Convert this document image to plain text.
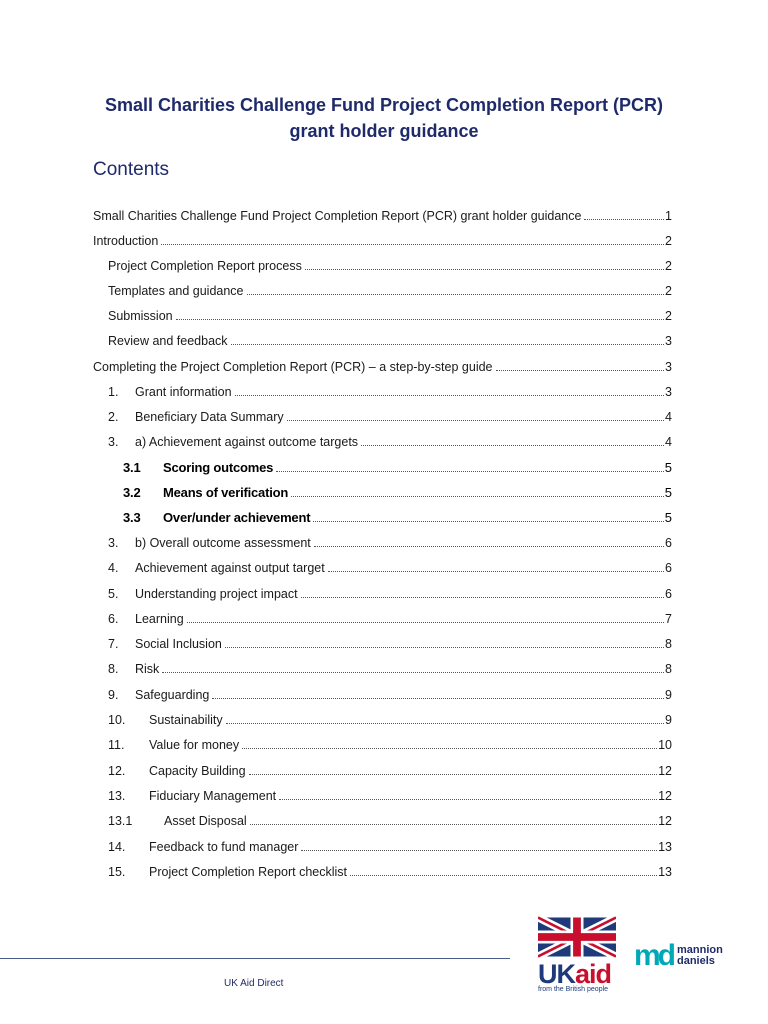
Small Charities Challenge Fund Project Completion Report (PCR)
grant holder guidance
Contents
Small Charities Challenge Fund Project Completion Report (PCR) grant holder guidance	1
Introduction	2
Project Completion Report process	2
Templates and guidance	2
Submission	2
Review and feedback	3
Completing the Project Completion Report (PCR) – a step-by-step guide	3
1.	Grant information	3
2.	Beneficiary Data Summary	4
3.	a) Achievement against outcome targets	4
3.1	Scoring outcomes	5
3.2	Means of verification	5
3.3	Over/under achievement	5
3.	b) Overall outcome assessment	6
4.	Achievement against output target	6
5.	Understanding project impact	6
6.	Learning	7
7.	Social Inclusion	8
8.	Risk	8
9.	Safeguarding	9
10.	Sustainability	9
11.	Value for money	10
12.	Capacity Building	12
13.	Fiduciary Management	12
13.1	Asset Disposal	12
14.	Feedback to fund manager	13
15.	Project Completion Report checklist	13
UKaid
from the British people
md mannion
daniels
UK Aid Direct
